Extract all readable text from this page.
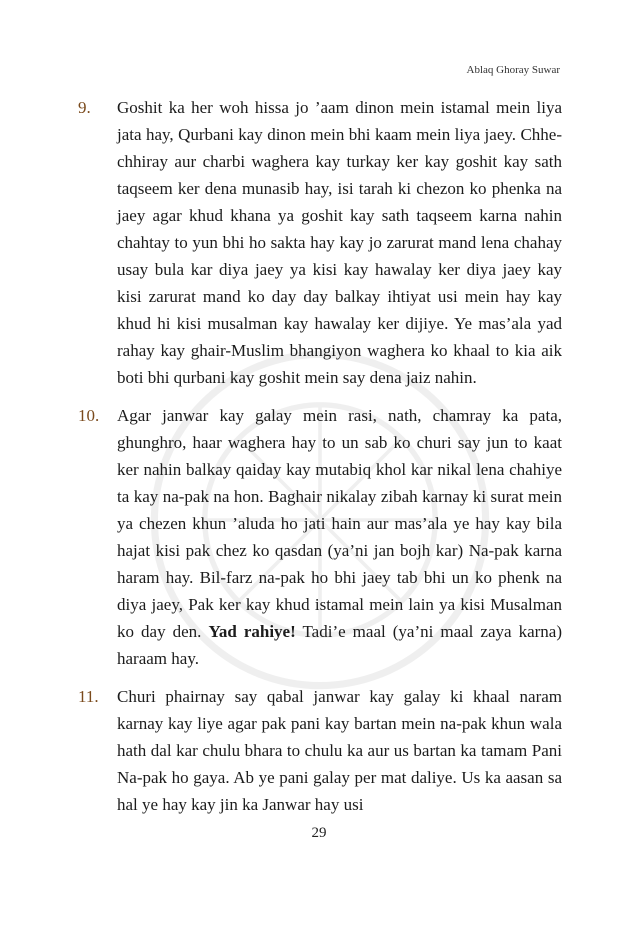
Ablaq Ghoray Suwar
9.	Goshit ka her woh hissa jo ’aam dinon mein istamal mein liya jata hay, Qurbani kay dinon mein bhi kaam mein liya jaey. Chhe-chhiray aur charbi waghera kay turkay ker kay goshit kay sath taqseem ker dena munasib hay, isi tarah ki chezon ko phenka na jaey agar khud khana ya goshit kay sath taqseem karna nahin chahtay to yun bhi ho sakta hay kay jo zarurat mand lena chahay usay bula kar diya jaey ya kisi kay hawalay ker diya jaey kay kisi zarurat mand ko day day balkay ihtiyat usi mein hay kay khud hi kisi musalman kay hawalay ker dijiye. Ye mas’ala yad rahay kay ghair-Muslim bhangiyon waghera ko khaal to kia aik boti bhi qurbani kay goshit mein say dena jaiz nahin.

10.	Agar janwar kay galay mein rasi, nath, chamray ka pata, ghunghro, haar waghera hay to un sab ko churi say jun to kaat ker nahin balkay qaiday kay mutabiq khol kar nikal lena chahiye ta kay na-pak na hon. Baghair nikalay zibah karnay ki surat mein ya chezen khun ’aluda ho jati hain aur mas’ala ye hay kay bila hajat kisi pak chez ko qasdan (ya’ni jan bojh kar) Na-pak karna haram hay. Bil-farz na-pak ho bhi jaey tab bhi un ko phenk na diya jaey, Pak ker kay khud istamal mein lain ya kisi Musalman ko day den. Yad rahiye! Tadi’e maal (ya’ni maal zaya karna) haraam hay.

11.	Churi phairnay say qabal janwar kay galay ki khaal naram karnay kay liye agar pak pani kay bartan mein na-pak khun wala hath dal kar chulu bhara to chulu ka aur us bartan ka tamam Pani Na-pak ho gaya. Ab ye pani galay per mat daliye. Us ka aasan sa hal ye hay kay jin ka Janwar hay usi

29
